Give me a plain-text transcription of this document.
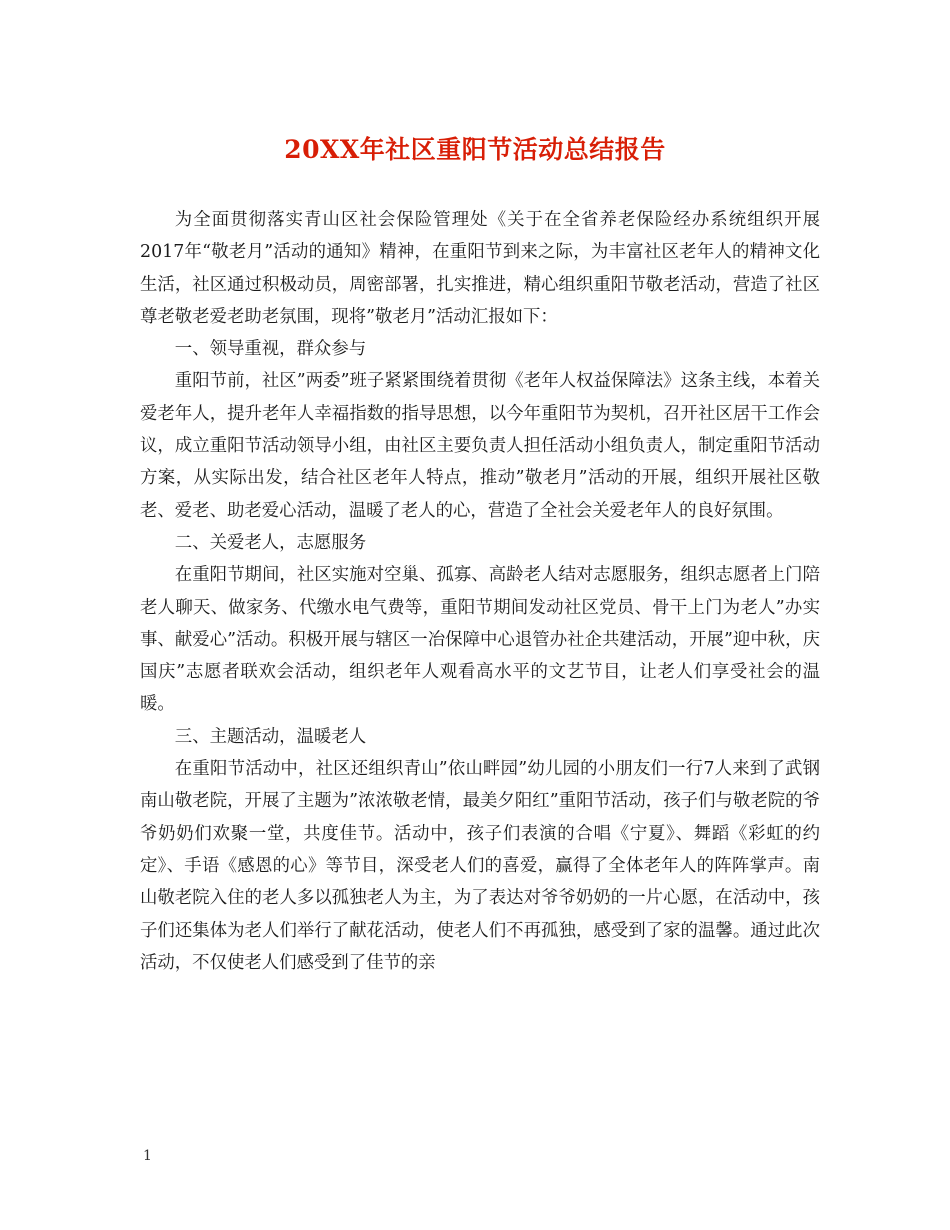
20XX年社区重阳节活动总结报告

为全面贯彻落实青山区社会保险管理处《关于在全省养老保险经办系统组织开展2017年“敬老月”活动的通知》精神，在重阳节到来之际，为丰富社区老年人的精神文化生活，社区通过积极动员，周密部署，扎实推进，精心组织重阳节敬老活动，营造了社区尊老敬老爱老助老氛围，现将”敬老月”活动汇报如下：

一、领导重视，群众参与

重阳节前，社区”两委”班子紧紧围绕着贯彻《老年人权益保障法》这条主线，本着关爱老年人，提升老年人幸福指数的指导思想，以今年重阳节为契机，召开社区居干工作会议，成立重阳节活动领导小组，由社区主要负责人担任活动小组负责人，制定重阳节活动方案，从实际出发，结合社区老年人特点，推动”敬老月”活动的开展，组织开展社区敬老、爱老、助老爱心活动，温暖了老人的心，营造了全社会关爱老年人的良好氛围。

二、关爱老人，志愿服务

在重阳节期间，社区实施对空巢、孤寡、高龄老人结对志愿服务，组织志愿者上门陪老人聊天、做家务、代缴水电气费等，重阳节期间发动社区党员、骨干上门为老人”办实事、献爱心”活动。积极开展与辖区一冶保障中心退管办社企共建活动，开展”迎中秋，庆国庆”志愿者联欢会活动，组织老年人观看高水平的文艺节目，让老人们享受社会的温暖。

三、主题活动，温暖老人

在重阳节活动中，社区还组织青山”依山畔园”幼儿园的小朋友们一行7人来到了武钢南山敬老院，开展了主题为”浓浓敬老情，最美夕阳红”重阳节活动，孩子们与敬老院的爷爷奶奶们欢聚一堂，共度佳节。活动中，孩子们表演的合唱《宁夏》、舞蹈《彩虹的约定》、手语《感恩的心》等节目，深受老人们的喜爱，赢得了全体老年人的阵阵掌声。南山敬老院入住的老人多以孤独老人为主，为了表达对爷爷奶奶的一片心愿，在活动中，孩子们还集体为老人们举行了献花活动，使老人们不再孤独，感受到了家的温馨。通过此次活动，不仅使老人们感受到了佳节的亲

1
